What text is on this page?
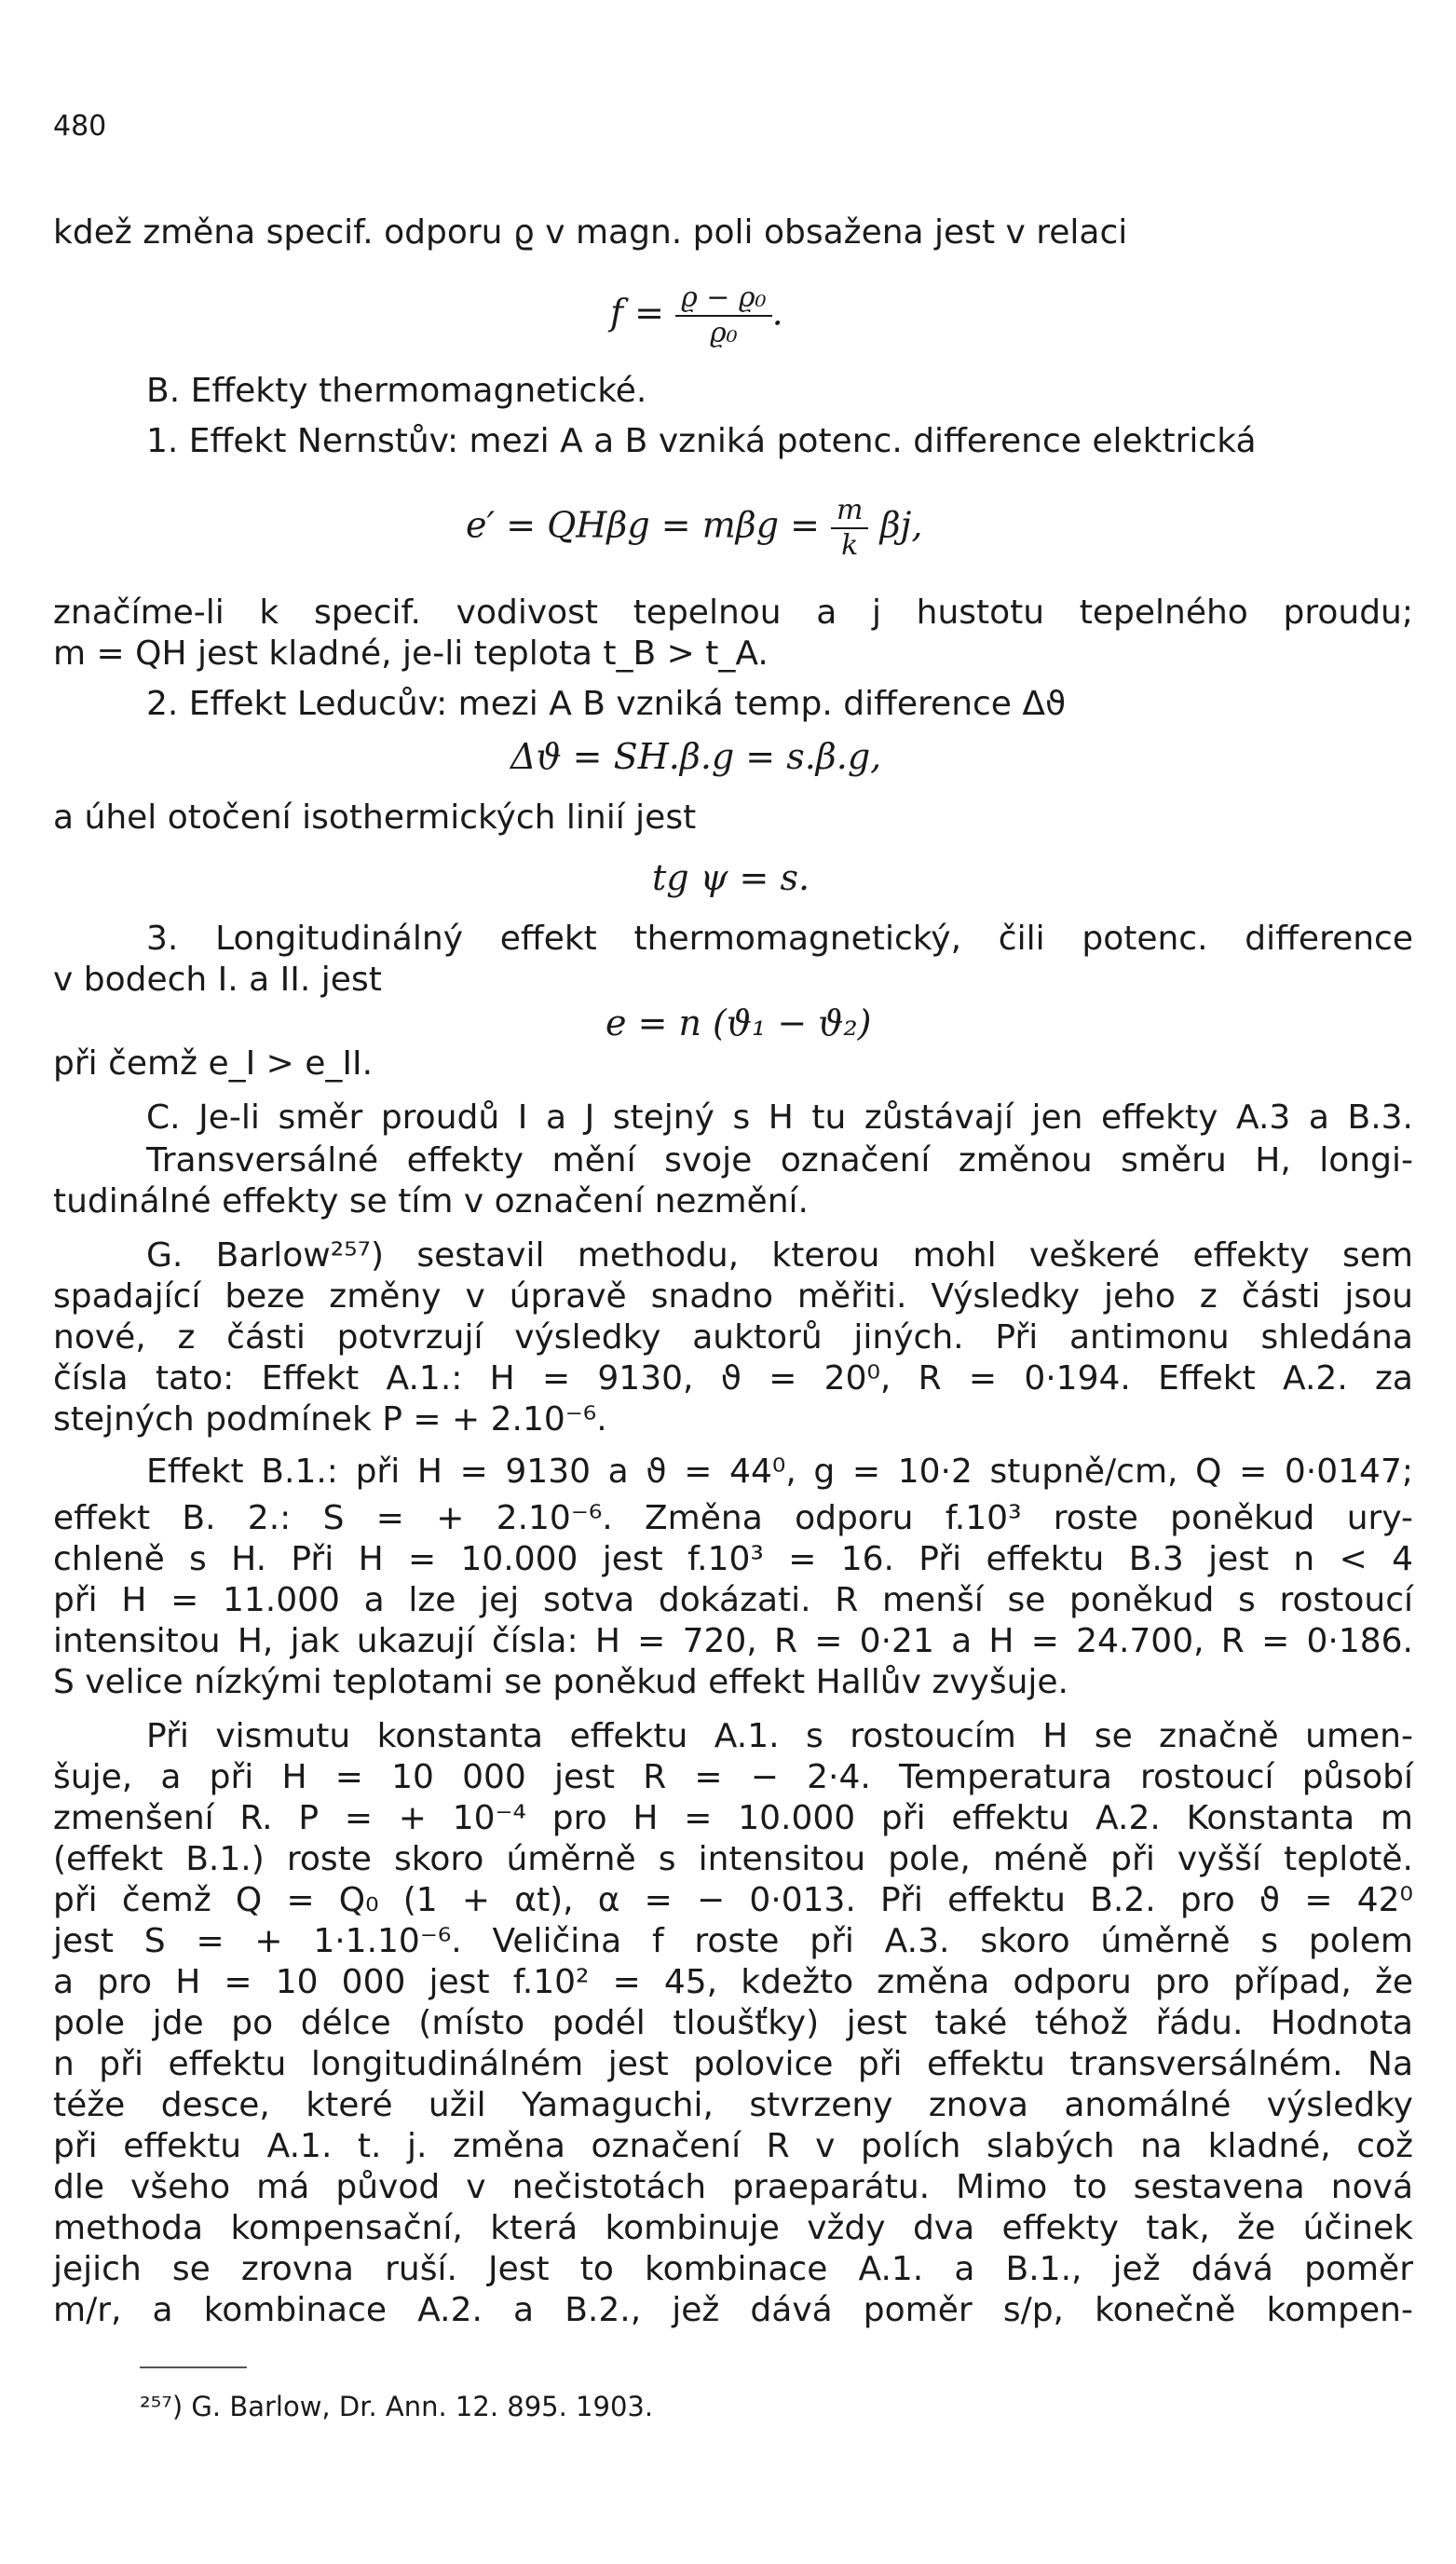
480
kdež změna specif. odporu ϱ v magn. poli obsažena jest v relaci
$f = \frac{\text{ϱ − ϱ₀}}{\text{ϱ₀}}$ .
B. Effekty thermomagnetické.
1. Effekt Nernstův: mezi A a B vzniká potenc. difference elektrická
$e' = QH\beta g = m\beta g = \frac{m}{k} \beta j$,
značíme-li k specif. vodivost tepelnou a j hustotu tepelného proudu;
m = QH jest kladné, je-li teplota t_B > t_A.
2. Effekt Leducův: mezi A B vzniká temp. difference Δϑ
Δϑ = SH.β.g = s.β.g,
a úhel otočení isothermických linií jest
tg ψ = s.
3. Longitudinálný effekt thermomagnetický, čili potenc. difference
v bodech I. a II. jest
e = n (ϑ₁ − ϑ₂)
při čemž e_I > e_II.
C. Je-li směr proudů I a J stejný s H tu zůstávají jen effekty A.3 a B.3.
Transversálné effekty mění svoje označení změnou směru H, longi-
tudinálné effekty se tím v označení nezmění.
G. Barlow²⁵⁷) sestavil methodu, kterou mohl veškeré effekty sem
spadající beze změny v úpravě snadno měřiti. Výsledky jeho z části jsou
nové, z části potvrzují výsledky auktorů jiných. Při antimonu shledána
čísla tato: Effekt A.1.: H = 9130, ϑ = 20⁰, R = 0·194. Effekt A.2. za
stejných podmínek P = + 2.10⁻⁶.
Effekt B.1.: při H = 9130 a ϑ = 44⁰, g = 10·2 stupně/cm, Q = 0·0147;
effekt B. 2.: S = + 2.10⁻⁶. Změna odporu f.10³ roste poněkud ury-
chleně s H. Při H = 10.000 jest f.10³ = 16. Při effektu B.3 jest n < 4
při H = 11.000 a lze jej sotva dokázati. R menší se poněkud s rostoucí
intensitou H, jak ukazují čísla: H = 720, R = 0·21 a H = 24.700, R = 0·186.
S velice nízkými teplotami se poněkud effekt Hallův zvyšuje.
Při vismutu konstanta effektu A.1. s rostoucím H se značně umen-
šuje, a při H = 10 000 jest R = − 2·4. Temperatura rostoucí působí
zmenšení R. P = + 10⁻⁴ pro H = 10.000 při effektu A.2. Konstanta m
(effekt B.1.) roste skoro úměrně s intensitou pole, méně při vyšší teplotě.
při čemž Q = Q₀ (1 + αt), α = − 0·013. Při effektu B.2. pro ϑ = 42⁰
jest S = + 1·1.10⁻⁶. Veličina f roste při A.3. skoro úměrně s polem
a pro H = 10 000 jest f.10² = 45, kdežto změna odporu pro případ, že
pole jde po délce (místo podél tloušťky) jest také téhož řádu. Hodnota
n při effektu longitudinálném jest polovice při effektu transversálném. Na
téže desce, které užil Yamaguchi, stvrzeny znova anomálné výsledky
při effektu A.1. t. j. změna označení R v polích slabých na kladné, což
dle všeho má původ v nečistotách praeparátu. Mimo to sestavena nová
methoda kompensační, která kombinuje vždy dva effekty tak, že účinek
jejich se zrovna ruší. Jest to kombinace A.1. a B.1., jež dává poměr
m/r, a kombinace A.2. a B.2., jež dává poměr s/p, konečně kompen-
²⁵⁷) G. Barlow, Dr. Ann. 12. 895. 1903.
